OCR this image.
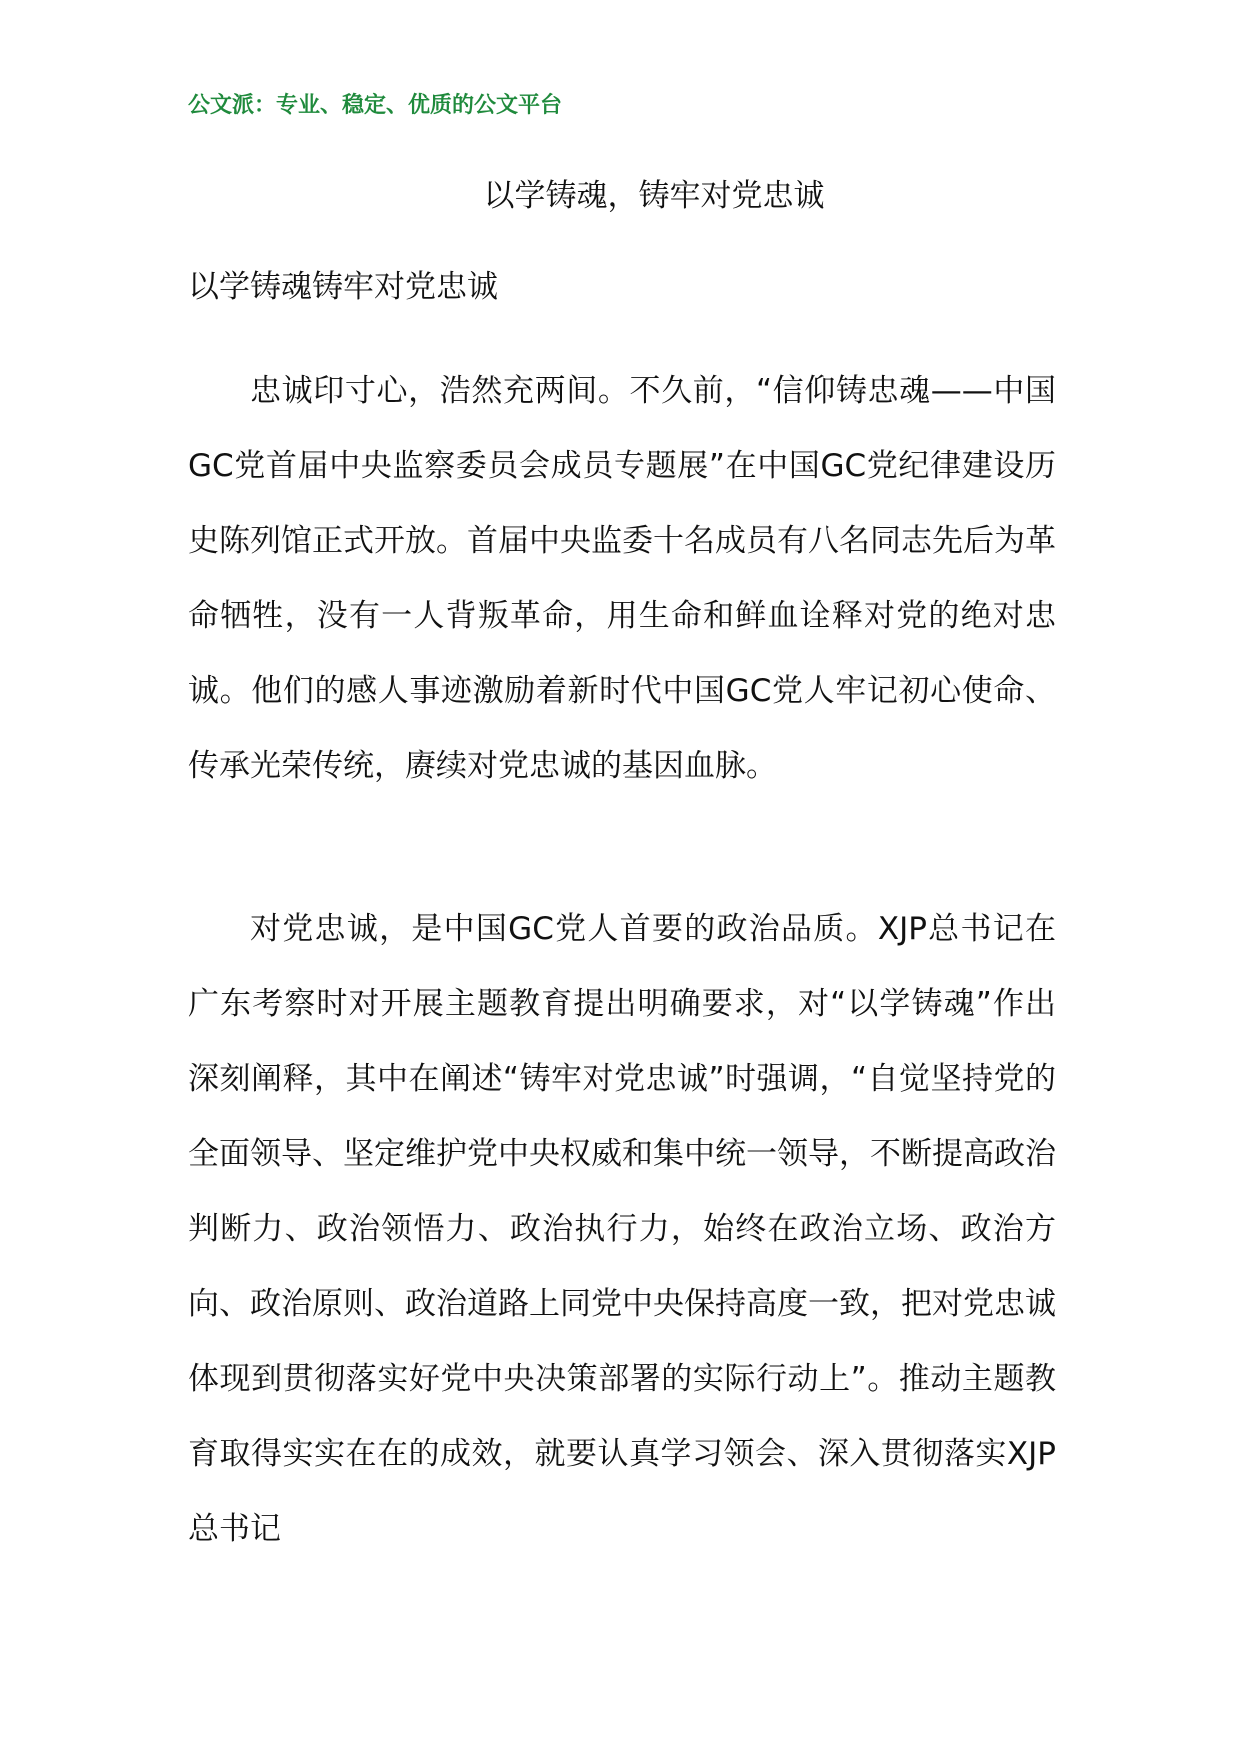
公文派：专业、稳定、优质的公文平台
以学铸魂，铸牢对党忠诚
以学铸魂铸牢对党忠诚

忠诚印寸心，浩然充两间。不久前，“信仰铸忠魂——中国GC党首届中央监察委员会成员专题展”在中国GC党纪律建设历史陈列馆正式开放。首届中央监委十名成员有八名同志先后为革命牺牲，没有一人背叛革命，用生命和鲜血诠释对党的绝对忠诚。他们的感人事迹激励着新时代中国GC党人牢记初心使命、传承光荣传统，赓续对党忠诚的基因血脉。

对党忠诚，是中国GC党人首要的政治品质。XJP总书记在广东考察时对开展主题教育提出明确要求，对“以学铸魂”作出深刻阐释，其中在阐述“铸牢对党忠诚”时强调，“自觉坚持党的全面领导、坚定维护党中央权威和集中统一领导，不断提高政治判断力、政治领悟力、政治执行力，始终在政治立场、政治方向、政治原则、政治道路上同党中央保持高度一致，把对党忠诚体现到贯彻落实好党中央决策部署的实际行动上”。推动主题教育取得实实在在的成效，就要认真学习领会、深入贯彻落实XJP总书记
